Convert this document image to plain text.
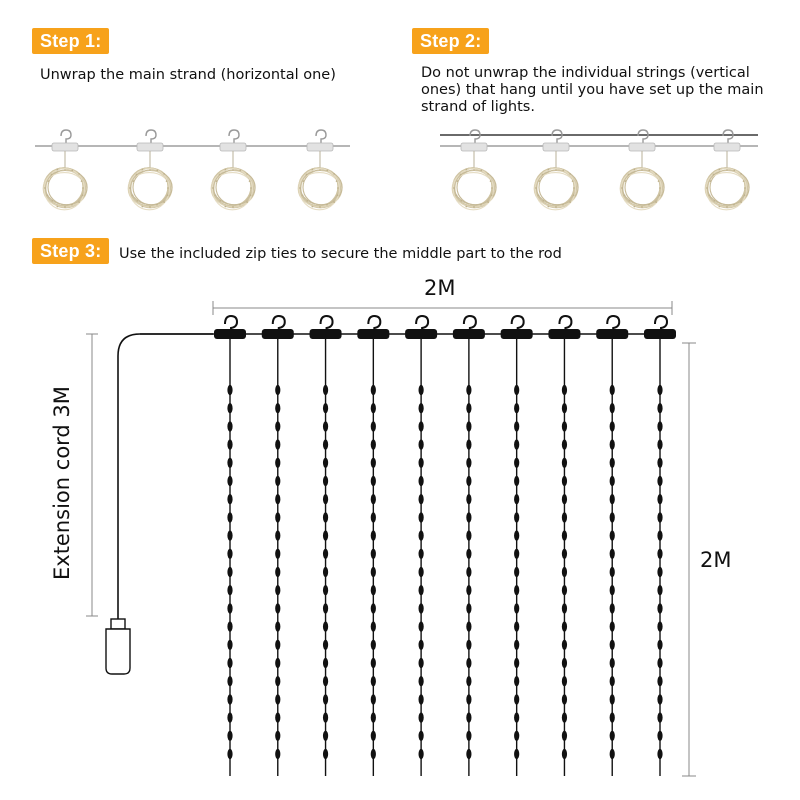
Step 1:	Step 2:
Step 3:
Unwrap the main strand (horizontal one)	Do not unwrap the individual strings (vertical
ones) that hang until you have set up the main
strand of lights.
Use the included zip ties to secure the middle part to the rod
2M
2M
Extension cord 3M
